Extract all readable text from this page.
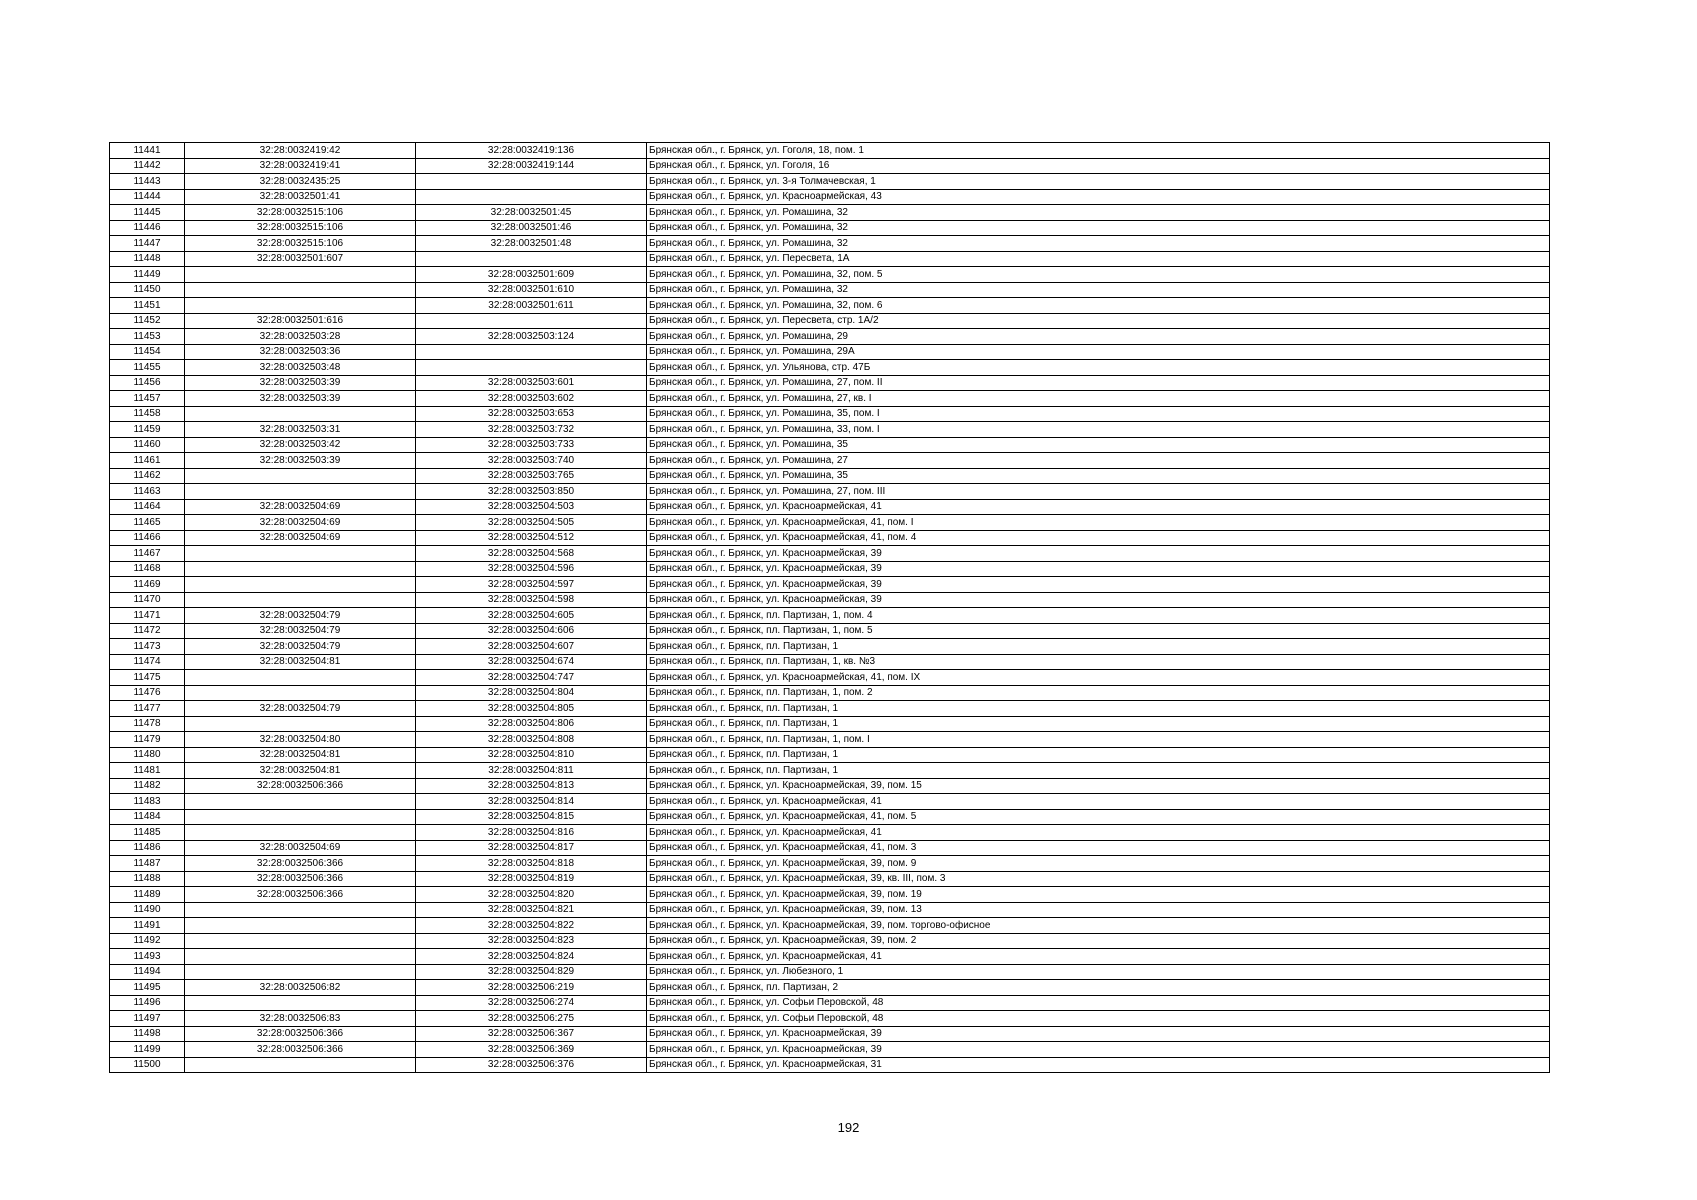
11441	32:28:0032419:42	32:28:0032419:136	Брянская обл., г. Брянск, ул. Гоголя, 18, пом. 1
11442	32:28:0032419:41	32:28:0032419:144	Брянская обл., г. Брянск, ул. Гоголя, 16
11443	32:28:0032435:25		Брянская обл., г. Брянск, ул. 3-я Толмачевская, 1
11444	32:28:0032501:41		Брянская обл., г. Брянск, ул. Красноармейская, 43
11445	32:28:0032515:106	32:28:0032501:45	Брянская обл., г. Брянск, ул. Ромашина, 32
11446	32:28:0032515:106	32:28:0032501:46	Брянская обл., г. Брянск, ул. Ромашина, 32
11447	32:28:0032515:106	32:28:0032501:48	Брянская обл., г. Брянск, ул. Ромашина, 32
11448	32:28:0032501:607		Брянская обл., г. Брянск, ул. Пересвета, 1А
11449		32:28:0032501:609	Брянская обл., г. Брянск, ул. Ромашина, 32, пом. 5
11450		32:28:0032501:610	Брянская обл., г. Брянск, ул. Ромашина, 32
11451		32:28:0032501:611	Брянская обл., г. Брянск, ул. Ромашина, 32, пом. 6
11452	32:28:0032501:616		Брянская обл., г. Брянск, ул. Пересвета, стр. 1А/2
11453	32:28:0032503:28	32:28:0032503:124	Брянская обл., г. Брянск, ул. Ромашина, 29
11454	32:28:0032503:36		Брянская обл., г. Брянск, ул. Ромашина, 29А
11455	32:28:0032503:48		Брянская обл., г. Брянск, ул. Ульянова, стр. 47Б
11456	32:28:0032503:39	32:28:0032503:601	Брянская обл., г. Брянск, ул. Ромашина, 27, пом. II
11457	32:28:0032503:39	32:28:0032503:602	Брянская обл., г. Брянск, ул. Ромашина, 27, кв. I
11458		32:28:0032503:653	Брянская обл., г. Брянск, ул. Ромашина, 35, пом. I
11459	32:28:0032503:31	32:28:0032503:732	Брянская обл., г. Брянск, ул. Ромашина, 33, пом. I
11460	32:28:0032503:42	32:28:0032503:733	Брянская обл., г. Брянск, ул. Ромашина, 35
11461	32:28:0032503:39	32:28:0032503:740	Брянская обл., г. Брянск, ул. Ромашина, 27
11462		32:28:0032503:765	Брянская обл., г. Брянск, ул. Ромашина, 35
11463		32:28:0032503:850	Брянская обл., г. Брянск, ул. Ромашина, 27, пом. III
11464	32:28:0032504:69	32:28:0032504:503	Брянская обл., г. Брянск, ул. Красноармейская, 41
11465	32:28:0032504:69	32:28:0032504:505	Брянская обл., г. Брянск, ул. Красноармейская, 41, пом. I
11466	32:28:0032504:69	32:28:0032504:512	Брянская обл., г. Брянск, ул. Красноармейская, 41, пом. 4
11467		32:28:0032504:568	Брянская обл., г. Брянск, ул. Красноармейская, 39
11468		32:28:0032504:596	Брянская обл., г. Брянск, ул. Красноармейская, 39
11469		32:28:0032504:597	Брянская обл., г. Брянск, ул. Красноармейская, 39
11470		32:28:0032504:598	Брянская обл., г. Брянск, ул. Красноармейская, 39
11471	32:28:0032504:79	32:28:0032504:605	Брянская обл., г. Брянск, пл. Партизан, 1, пом. 4
11472	32:28:0032504:79	32:28:0032504:606	Брянская обл., г. Брянск, пл. Партизан, 1, пом. 5
11473	32:28:0032504:79	32:28:0032504:607	Брянская обл., г. Брянск, пл. Партизан, 1
11474	32:28:0032504:81	32:28:0032504:674	Брянская обл., г. Брянск, пл. Партизан, 1, кв. №3
11475		32:28:0032504:747	Брянская обл., г. Брянск, ул. Красноармейская, 41, пом. IX
11476		32:28:0032504:804	Брянская обл., г. Брянск, пл. Партизан, 1, пом. 2
11477	32:28:0032504:79	32:28:0032504:805	Брянская обл., г. Брянск, пл. Партизан, 1
11478		32:28:0032504:806	Брянская обл., г. Брянск, пл. Партизан, 1
11479	32:28:0032504:80	32:28:0032504:808	Брянская обл., г. Брянск, пл. Партизан, 1, пом. I
11480	32:28:0032504:81	32:28:0032504:810	Брянская обл., г. Брянск, пл. Партизан, 1
11481	32:28:0032504:81	32:28:0032504:811	Брянская обл., г. Брянск, пл. Партизан, 1
11482	32:28:0032506:366	32:28:0032504:813	Брянская обл., г. Брянск, ул. Красноармейская, 39, пом. 15
11483		32:28:0032504:814	Брянская обл., г. Брянск, ул. Красноармейская, 41
11484		32:28:0032504:815	Брянская обл., г. Брянск, ул. Красноармейская, 41, пом. 5
11485		32:28:0032504:816	Брянская обл., г. Брянск, ул. Красноармейская, 41
11486	32:28:0032504:69	32:28:0032504:817	Брянская обл., г. Брянск, ул. Красноармейская, 41, пом. 3
11487	32:28:0032506:366	32:28:0032504:818	Брянская обл., г. Брянск, ул. Красноармейская, 39, пом. 9
11488	32:28:0032506:366	32:28:0032504:819	Брянская обл., г. Брянск, ул. Красноармейская, 39, кв. III, пом. 3
11489	32:28:0032506:366	32:28:0032504:820	Брянская обл., г. Брянск, ул. Красноармейская, 39, пом. 19
11490		32:28:0032504:821	Брянская обл., г. Брянск, ул. Красноармейская, 39, пом. 13
11491		32:28:0032504:822	Брянская обл., г. Брянск, ул. Красноармейская, 39, пом. торгово-офисное
11492		32:28:0032504:823	Брянская обл., г. Брянск, ул. Красноармейская, 39, пом. 2
11493		32:28:0032504:824	Брянская обл., г. Брянск, ул. Красноармейская, 41
11494		32:28:0032504:829	Брянская обл., г. Брянск, ул. Любезного, 1
11495	32:28:0032506:82	32:28:0032506:219	Брянская обл., г. Брянск, пл. Партизан, 2
11496		32:28:0032506:274	Брянская обл., г. Брянск, ул. Софьи Перовской, 48
11497	32:28:0032506:83	32:28:0032506:275	Брянская обл., г. Брянск, ул. Софьи Перовской, 48
11498	32:28:0032506:366	32:28:0032506:367	Брянская обл., г. Брянск, ул. Красноармейская, 39
11499	32:28:0032506:366	32:28:0032506:369	Брянская обл., г. Брянск, ул. Красноармейская, 39
11500		32:28:0032506:376	Брянская обл., г. Брянск, ул. Красноармейская, 31
192
